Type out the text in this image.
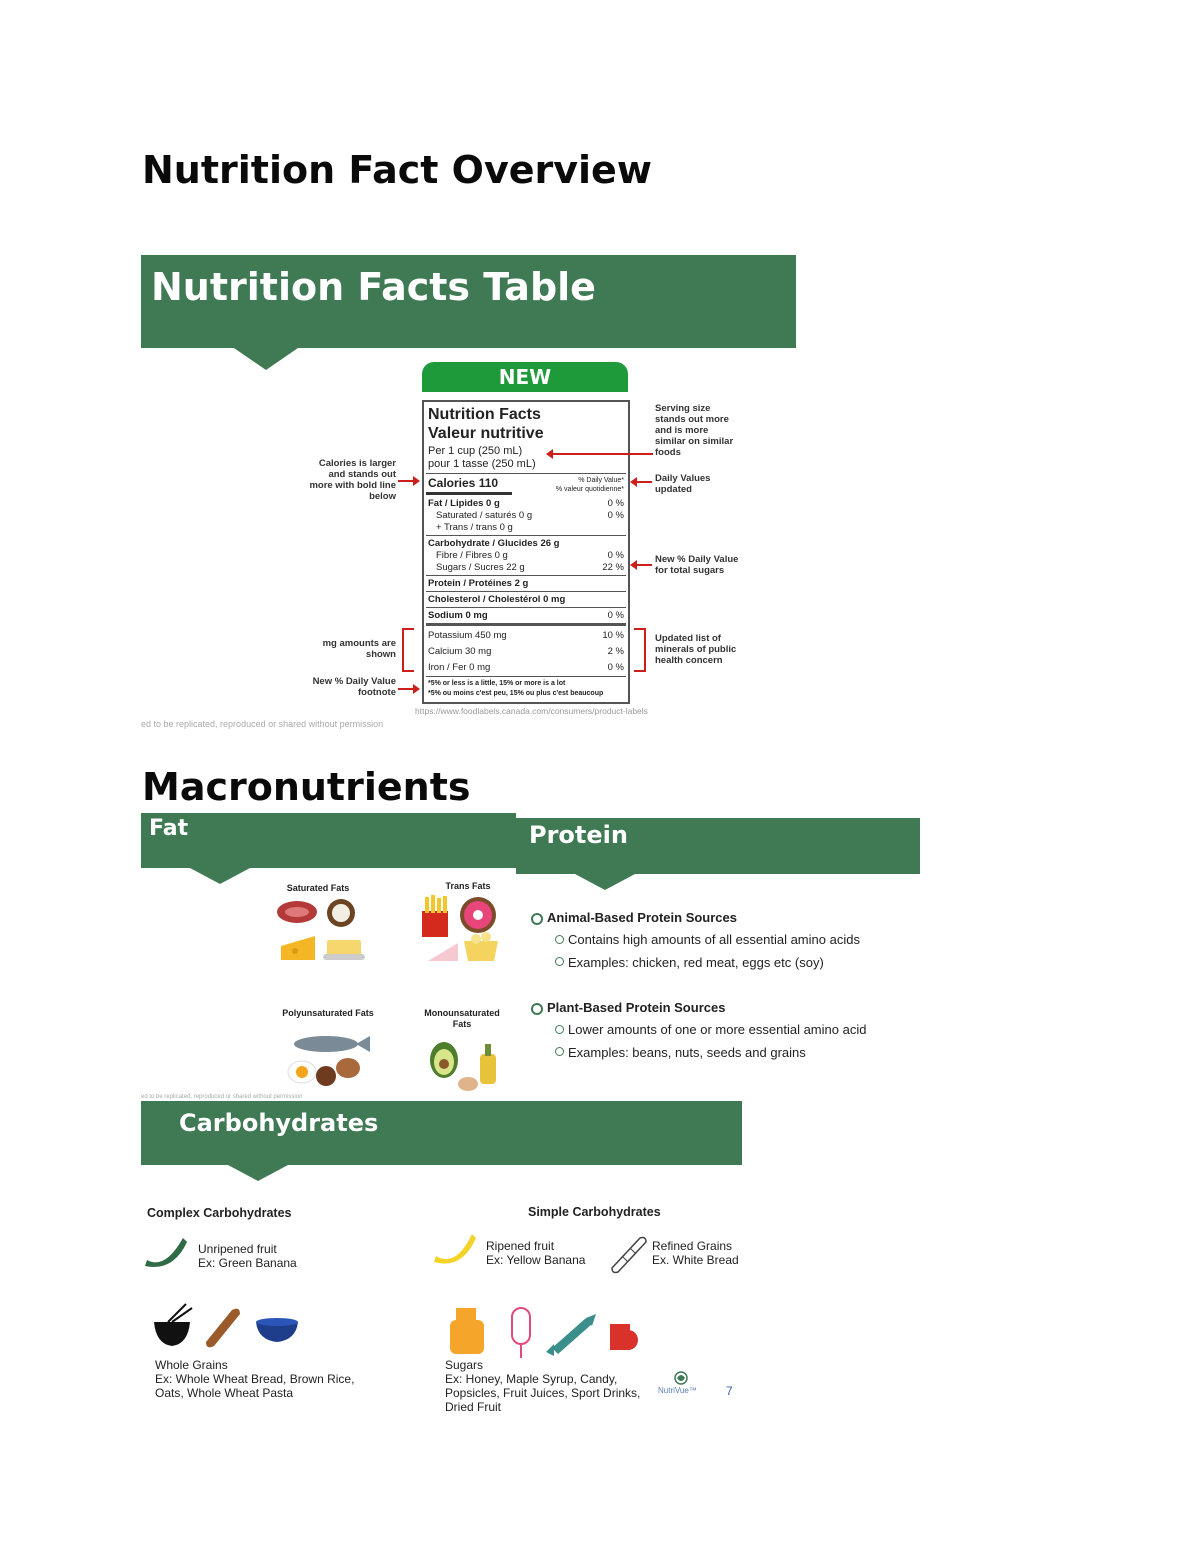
Nutrition Fact Overview
Nutrition Facts Table
NEW
Nutrition Facts
Valeur nutritive
Per 1 cup (250 mL)
pour 1 tasse (250 mL)
Calories 110	% Daily Value*
% valeur quotidienne*
Fat / Lipides 0 g	0 %
Saturated / saturés 0 g	0 %
+ Trans / trans 0 g
Carbohydrate / Glucides 26 g
Fibre / Fibres 0 g	0 %
Sugars / Sucres 22 g	22 %
Protein / Protéines 2 g
Cholesterol / Cholestérol 0 mg
Sodium 0 mg	0 %
Potassium 450 mg	10 %
Calcium 30 mg	2 %
Iron / Fer 0 mg	0 %
*5% or less is a little, 15% or more is a lot
*5% ou moins c'est peu, 15% ou plus c'est beaucoup
Calories is larger and stands out more with bold line below
mg amounts are shown
New % Daily Value footnote
Serving size stands out more and is more similar on similar foods
Daily Values updated
New % Daily Value for total sugars
Updated list of minerals of public health concern
https://www.foodlabels.canada.com/consumers/product-labels
ed to be replicated, reproduced or shared without permission
Macronutrients
Fat
Saturated Fats	Trans Fats
Polyunsaturated Fats	Monounsaturated Fats
ed to be replicated, reproduced or shared without permission
Protein
Animal-Based Protein Sources
Contains high amounts of all essential amino acids
Examples: chicken, red meat, eggs etc (soy)
Plant-Based Protein Sources
Lower amounts of one or more essential amino acid
Examples: beans, nuts, seeds and grains
Carbohydrates
Complex Carbohydrates	Simple Carbohydrates
Unripened fruit
Ex: Green Banana
Ripened fruit
Ex: Yellow Banana
Refined Grains
Ex. White Bread
Whole Grains
Ex: Whole Wheat Bread, Brown Rice,
Oats, Whole Wheat Pasta
Sugars
Ex: Honey, Maple Syrup, Candy,
Popsicles, Fruit Juices, Sport Drinks,
Dried Fruit
NutriVue™ 7
